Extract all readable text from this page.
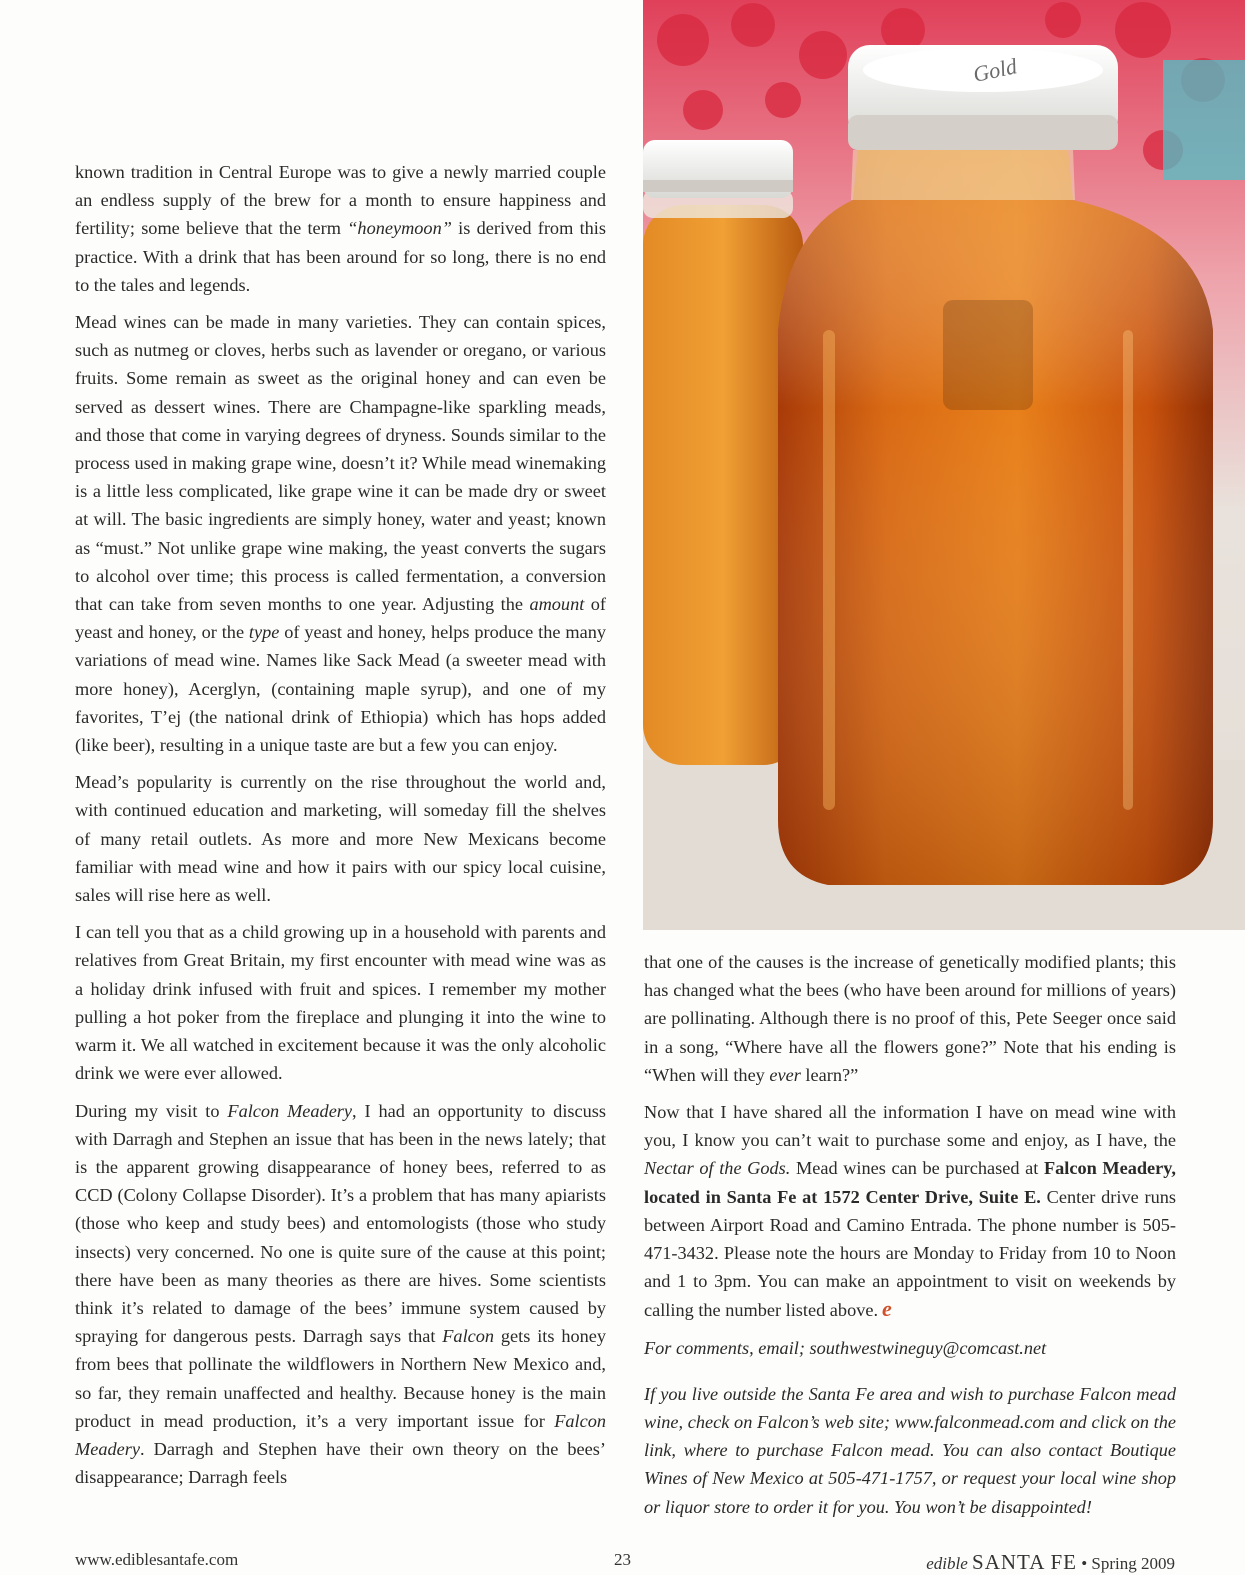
known tradition in Central Europe was to give a newly married couple an endless supply of the brew for a month to ensure happiness and fertility; some believe that the term “honeymoon” is derived from this practice. With a drink that has been around for so long, there is no end to the tales and legends.

Mead wines can be made in many varieties. They can contain spices, such as nutmeg or cloves, herbs such as lavender or oregano, or various fruits. Some remain as sweet as the original honey and can even be served as dessert wines. There are Champagne-like sparkling meads, and those that come in varying degrees of dryness. Sounds similar to the process used in making grape wine, doesn’t it? While mead winemaking is a little less complicated, like grape wine it can be made dry or sweet at will. The basic ingredients are simply honey, water and yeast; known as “must.” Not unlike grape wine making, the yeast converts the sugars to alcohol over time; this process is called fermentation, a conversion that can take from seven months to one year. Adjusting the amount of yeast and honey, or the type of yeast and honey, helps produce the many variations of mead wine. Names like Sack Mead (a sweeter mead with more honey), Acerglyn, (containing maple syrup), and one of my favorites, T’ej (the national drink of Ethiopia) which has hops added (like beer), resulting in a unique taste are but a few you can enjoy.

Mead’s popularity is currently on the rise throughout the world and, with continued education and marketing, will someday fill the shelves of many retail outlets. As more and more New Mexicans become familiar with mead wine and how it pairs with our spicy local cuisine, sales will rise here as well.

I can tell you that as a child growing up in a household with parents and relatives from Great Britain, my first encounter with mead wine was as a holiday drink infused with fruit and spices. I remember my mother pulling a hot poker from the fireplace and plunging it into the wine to warm it. We all watched in excitement because it was the only alcoholic drink we were ever allowed.

During my visit to Falcon Meadery, I had an opportunity to discuss with Darragh and Stephen an issue that has been in the news lately; that is the apparent growing disappearance of honey bees, referred to as CCD (Colony Collapse Disorder). It’s a problem that has many apiarists (those who keep and study bees) and entomologists (those who study insects) very concerned. No one is quite sure of the cause at this point; there have been as many theories as there are hives. Some scientists think it’s related to damage of the bees’ immune system caused by spraying for dangerous pests. Darragh says that Falcon gets its honey from bees that pollinate the wildflowers in Northern New Mexico and, so far, they remain unaffected and healthy. Because honey is the main product in mead production, it’s a very important issue for Falcon Meadery. Darragh and Stephen have their own theory on the bees’ disappearance; Darragh feels

Gold

that one of the causes is the increase of genetically modified plants; this has changed what the bees (who have been around for millions of years) are pollinating. Although there is no proof of this, Pete Seeger once said in a song, “Where have all the flowers gone?” Note that his ending is “When will they ever learn?”

Now that I have shared all the information I have on mead wine with you, I know you can’t wait to purchase some and enjoy, as I have, the Nectar of the Gods. Mead wines can be purchased at Falcon Meadery, located in Santa Fe at 1572 Center Drive, Suite E. Center drive runs between Airport Road and Camino Entrada. The phone number is 505-471-3432. Please note the hours are Monday to Friday from 10 to Noon and 1 to 3pm. You can make an appointment to visit on weekends by calling the number listed above. e

For comments, email; southwestwineguy@comcast.net

If you live outside the Santa Fe area and wish to purchase Falcon mead wine, check on Falcon’s web site; www.falconmead.com and click on the link, where to purchase Falcon mead. You can also contact Boutique Wines of New Mexico at 505-471-1757, or request your local wine shop or liquor store to order it for you. You won’t be disappointed!

www.ediblesantafe.com	23	edible SANTA FE • Spring 2009
